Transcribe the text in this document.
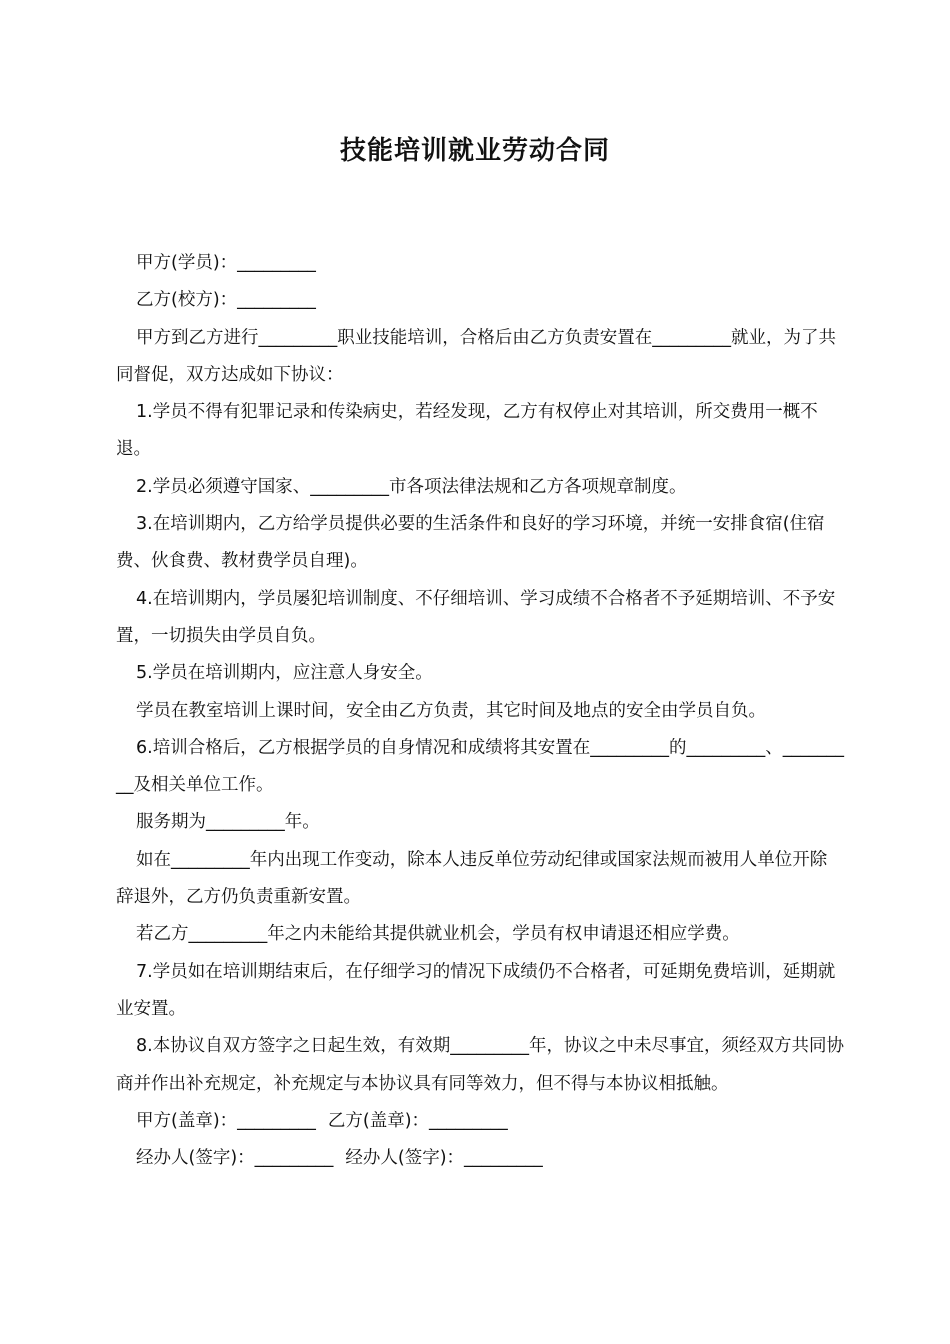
技能培训就业劳动合同

甲方(学员)：_________

乙方(校方)：_________

甲方到乙方进行_________职业技能培训，合格后由乙方负责安置在_________就业，为了共同督促，双方达成如下协议：

1.学员不得有犯罪记录和传染病史，若经发现，乙方有权停止对其培训，所交费用一概不退。

2.学员必须遵守国家、_________市各项法律法规和乙方各项规章制度。

3.在培训期内，乙方给学员提供必要的生活条件和良好的学习环境，并统一安排食宿(住宿费、伙食费、教材费学员自理)。

4.在培训期内，学员屡犯培训制度、不仔细培训、学习成绩不合格者不予延期培训、不予安置，一切损失由学员自负。

5.学员在培训期内，应注意人身安全。

学员在教室培训上课时间，安全由乙方负责，其它时间及地点的安全由学员自负。

6.培训合格后，乙方根据学员的自身情况和成绩将其安置在_________的_________、_________及相关单位工作。

服务期为_________年。

如在_________年内出现工作变动，除本人违反单位劳动纪律或国家法规而被用人单位开除辞退外，乙方仍负责重新安置。

若乙方_________年之内未能给其提供就业机会，学员有权申请退还相应学费。

7.学员如在培训期结束后，在仔细学习的情况下成绩仍不合格者，可延期免费培训，延期就业安置。

8.本协议自双方签字之日起生效，有效期_________年，协议之中未尽事宜，须经双方共同协商并作出补充规定，补充规定与本协议具有同等效力，但不得与本协议相抵触。

甲方(盖章)：_________ 乙方(盖章)：_________

经办人(签字)：_________ 经办人(签字)：_________
